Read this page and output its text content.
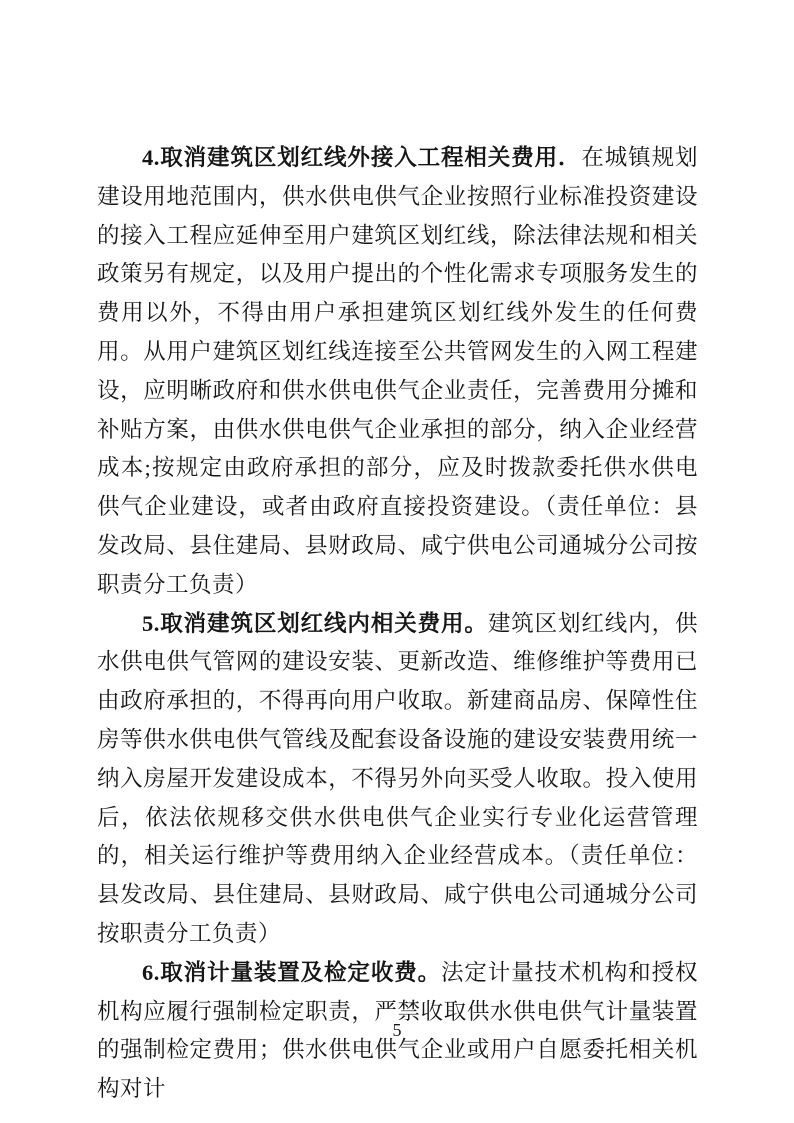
4.取消建筑区划红线外接入工程相关费用．在城镇规划建设用地范围内，供水供电供气企业按照行业标准投资建设的接入工程应延伸至用户建筑区划红线，除法律法规和相关政策另有规定，以及用户提出的个性化需求专项服务发生的费用以外，不得由用户承担建筑区划红线外发生的任何费用。从用户建筑区划红线连接至公共管网发生的入网工程建设，应明晰政府和供水供电供气企业责任，完善费用分摊和补贴方案，由供水供电供气企业承担的部分，纳入企业经营成本;按规定由政府承担的部分，应及时拨款委托供水供电供气企业建设，或者由政府直接投资建设。（责任单位：县发改局、县住建局、县财政局、咸宁供电公司通城分公司按职责分工负责）

5.取消建筑区划红线内相关费用。建筑区划红线内，供水供电供气管网的建设安装、更新改造、维修维护等费用已由政府承担的，不得再向用户收取。新建商品房、保障性住房等供水供电供气管线及配套设备设施的建设安装费用统一纳入房屋开发建设成本，不得另外向买受人收取。投入使用后，依法依规移交供水供电供气企业实行专业化运营管理的，相关运行维护等费用纳入企业经营成本。（责任单位：县发改局、县住建局、县财政局、咸宁供电公司通城分公司按职责分工负责）

6.取消计量装置及检定收费。法定计量技术机构和授权机构应履行强制检定职责，严禁收取供水供电供气计量装置的强制检定费用；供水供电供气企业或用户自愿委托相关机构对计

5
